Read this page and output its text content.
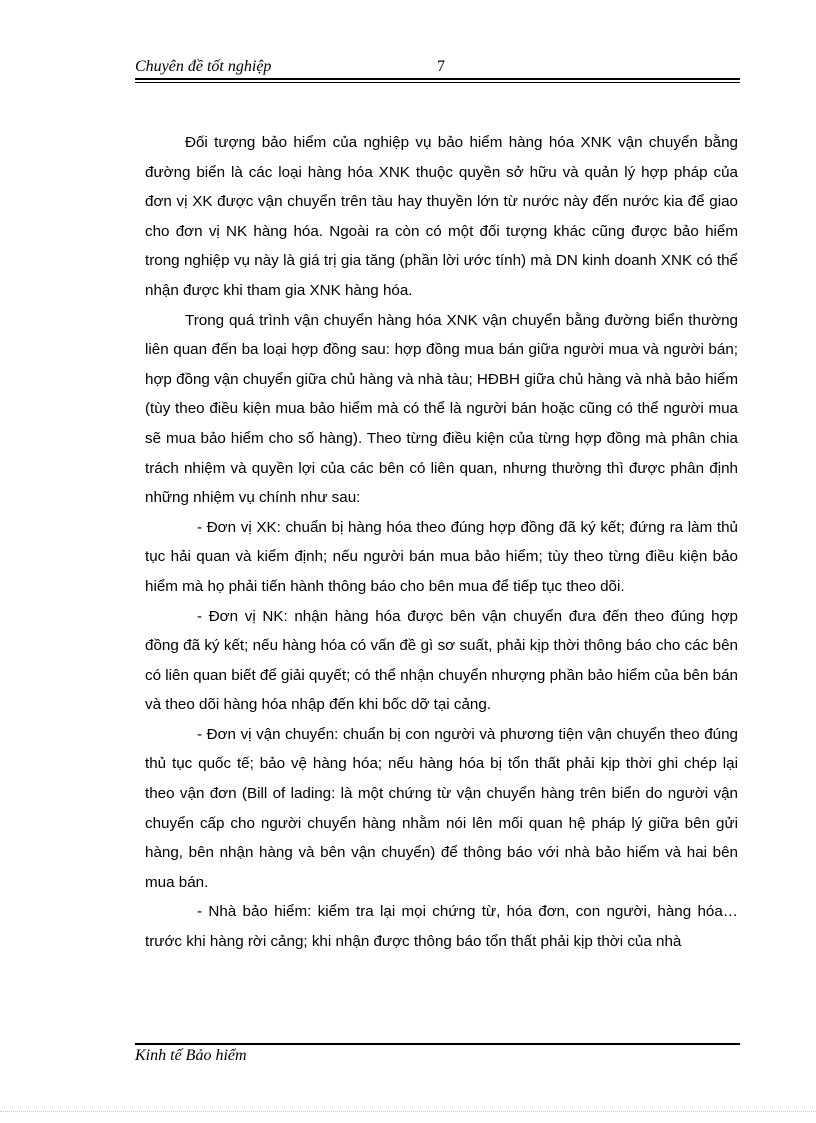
Chuyên đề tốt nghiệp	7

Đối tượng bảo hiểm của nghiệp vụ bảo hiểm hàng hóa XNK vận chuyển bằng đường biển là các loại hàng hóa XNK thuộc quyền sở hữu và quản lý hợp pháp của đơn vị XK được vận chuyển trên tàu hay thuyền lớn từ nước này đến nước kia để giao cho đơn vị NK hàng hóa. Ngoài ra còn có một đối tượng khác cũng được bảo hiểm trong nghiệp vụ này là giá trị gia tăng (phần lời ước tính) mà DN kinh doanh XNK có thể nhận được khi tham gia XNK hàng hóa.

Trong quá trình vận chuyển hàng hóa XNK vận chuyển bằng đường biển thường liên quan đến ba loại hợp đồng sau: hợp đồng mua bán giữa người mua và người bán; hợp đồng vận chuyển giữa chủ hàng và nhà tàu; HĐBH giữa chủ hàng và nhà bảo hiểm (tùy theo điều kiện mua bảo hiểm mà có thể là người bán hoặc cũng có thể người mua sẽ mua bảo hiểm cho số hàng). Theo từng điều kiện của từng hợp đồng mà phân chia trách nhiệm và quyền lợi của các bên có liên quan, nhưng thường thì được phân định những nhiệm vụ chính như sau:

- Đơn vị XK: chuẩn bị hàng hóa theo đúng hợp đồng đã ký kết; đứng ra làm thủ tục hải quan và kiểm định; nếu người bán mua bảo hiểm; tùy theo từng điều kiện bảo hiểm mà họ phải tiến hành thông báo cho bên mua để tiếp tục theo dõi.

- Đơn vị NK: nhận hàng hóa được bên vận chuyển đưa đến theo đúng hợp đồng đã ký kết; nếu hàng hóa có vấn đề gì sơ suất, phải kịp thời thông báo cho các bên có liên quan biết để giải quyết; có thể nhận chuyển nhượng phần bảo hiểm của bên bán và theo dõi hàng hóa nhập đến khi bốc dỡ tại cảng.

- Đơn vị vận chuyển: chuẩn bị con người và phương tiện vận chuyển theo đúng thủ tục quốc tế; bảo vệ hàng hóa; nếu hàng hóa bị tổn thất phải kịp thời ghi chép lại theo vận đơn (Bill of lading: là một chứng từ vận chuyển hàng trên biển do người vận chuyển cấp cho người chuyển hàng nhằm nói lên mối quan hệ pháp lý giữa bên gửi hàng, bên nhận hàng và bên vận chuyển) để thông báo với nhà bảo hiểm và hai bên mua bán.

- Nhà bảo hiểm: kiểm tra lại mọi chứng từ, hóa đơn, con người, hàng hóa… trước khi hàng rời cảng; khi nhận được thông báo tổn thất phải kịp thời của nhà

Kinh tế Bảo hiểm
